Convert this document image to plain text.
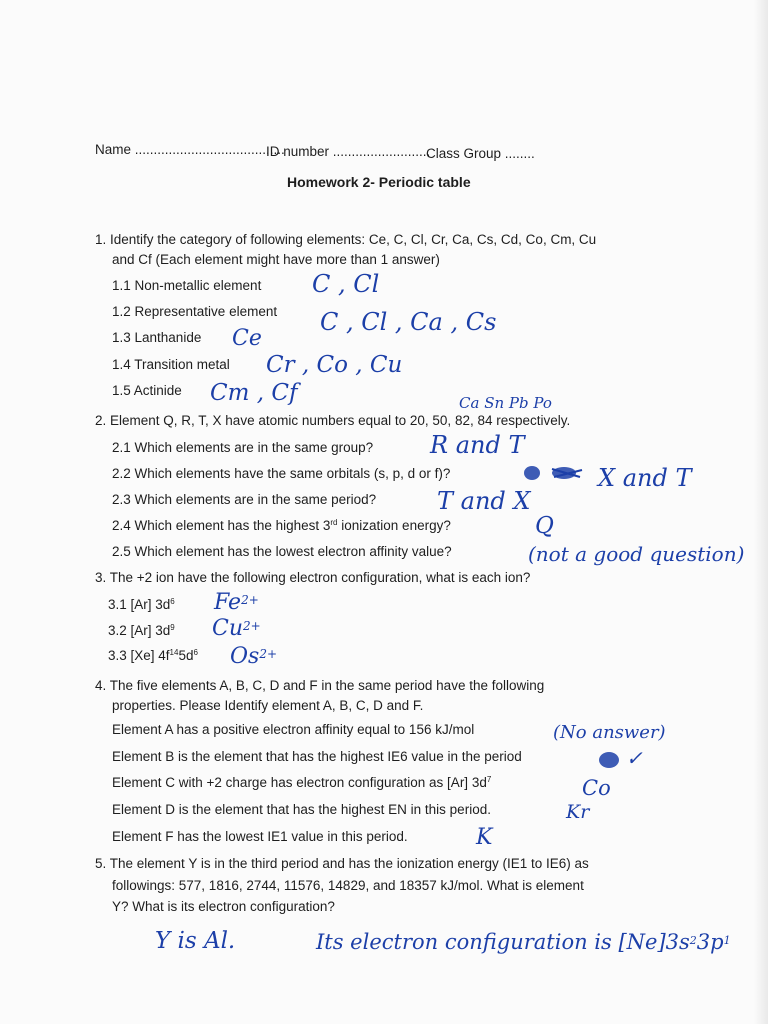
Name ........................................
ID number ..........................
Class Group ........
Homework 2- Periodic table
1. Identify the category of following elements: Ce, C, Cl, Cr, Ca, Cs, Cd, Co, Cm, Cu
and Cf (Each element might have more than 1 answer)
1.1 Non-metallic element C , Cl
1.2 Representative element C , Cl , Ca , Cs
1.3 Lanthanide Ce
1.4 Transition metal Cr , Co , Cu
1.5 Actinide Cm , Cf	Ca Sn Pb Po
2. Element Q, R, T, X have atomic numbers equal to 20, 50, 82, 84 respectively.
2.1 Which elements are in the same group? R and T
2.2 Which elements have the same orbitals (s, p, d or f)?	X and T
2.3 Which elements are in the same period?	T and X
2.4 Which element has the highest 3rd ionization energy?	Q
2.5 Which element has the lowest electron affinity value?	(not a good question)
3. The +2 ion have the following electron configuration, what is each ion?
3.1 [Ar] $3d^6$ $Fe^{2+}$
3.2 [Ar] $3d^9$ $Cu^{2+}$
3.3 [Xe] $4f^{14}5d^6$ $Os^{2+}$
4. The five elements A, B, C, D and F in the same period have the following
properties. Please Identify element A, B, C, D and F.
Element A has a positive electron affinity equal to 156 kJ/mol	(No answer)
Element B is the element that has the highest IE6 value in the period	✓
Element C with +2 charge has electron configuration as [Ar] $3d^7$	Co
Element D is the element that has the highest EN in this period.	Kr
Element F has the lowest IE1 value in this period.	K
5. The element Y is in the third period and has the ionization energy (IE1 to IE6) as
followings: 577, 1816, 2744, 11576, 14829, and 18357 kJ/mol. What is element
Y? What is its electron configuration?
Y is Al.	Its electron configuration is $[Ne]3s^23p^1$
